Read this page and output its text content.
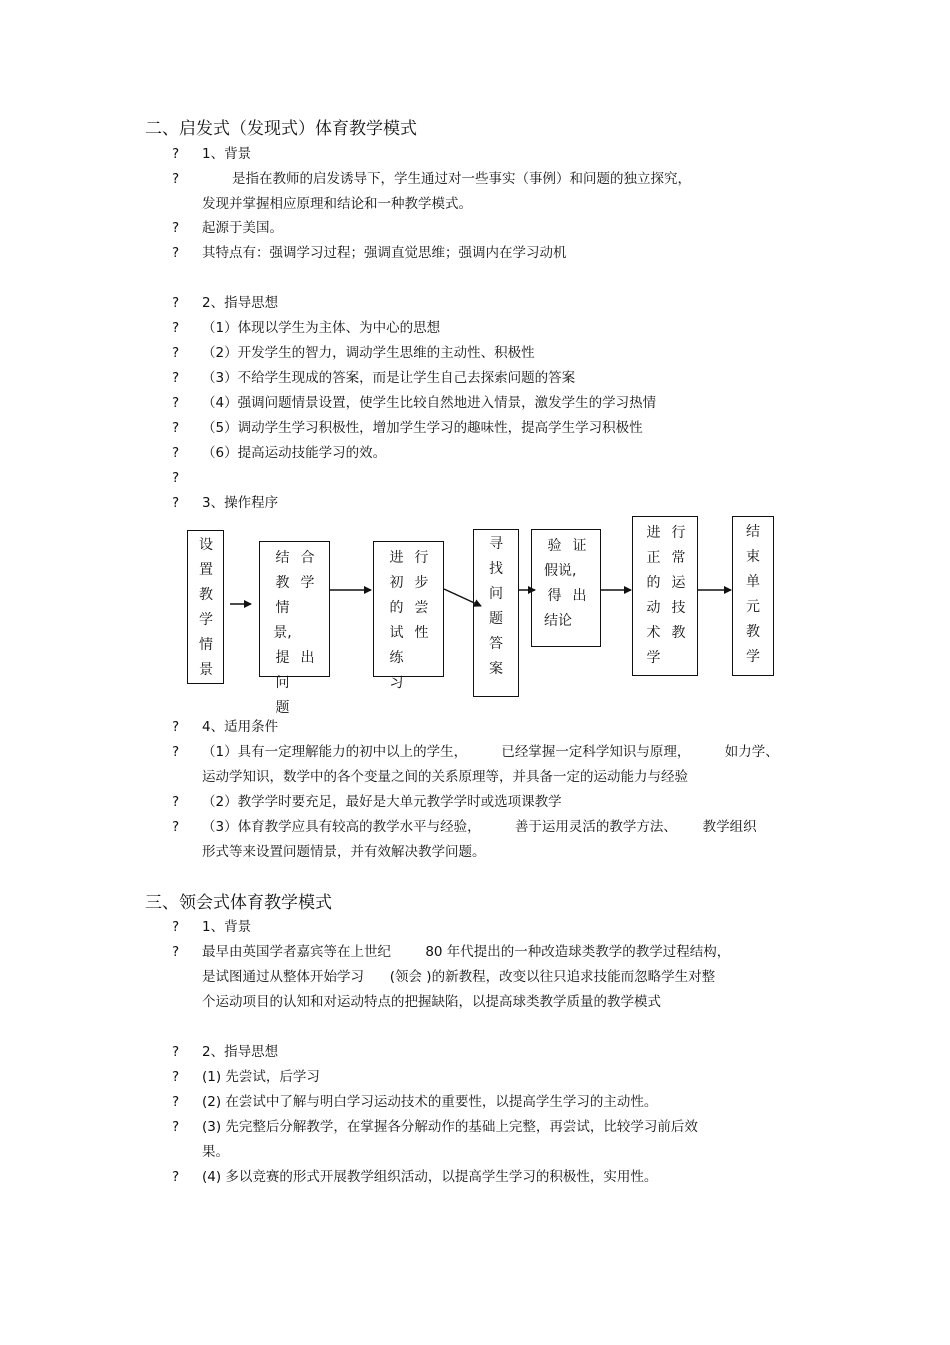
二、启发式（发现式）体育教学模式
?	1、背景
?	是指在教师的启发诱导下，学生通过对一些事实（事例）和问题的独立探究，
发现并掌握相应原理和结论和一种教学模式。
?	起源于美国。
?	其特点有：强调学习过程；强调直觉思维；强调内在学习动机
?	2、指导思想
?	（1）体现以学生为主体、为中心的思想
?	（2）开发学生的智力，调动学生思维的主动性、积极性
?	（3）不给学生现成的答案，而是让学生自己去探索问题的答案
?	（4）强调问题情景设置，使学生比较自然地进入情景，激发学生的学习热情
?	（5）调动学生学习积极性，增加学生学习的趣味性，提高学生学习积极性
?	（6）提高运动技能学习的效。
?
?	3、操作程序
设置教学情景
结 合
教 学
情景,
提 出
问题
进 行
初 步
的 尝
试 性
练习
寻找问题答案
验 证
假说,
得 出
结论
进 行
正 常
的 运
动 技
术 教
学
结束单元教学
?	4、适用条件
?	（1）具有一定理解能力的初中以上的学生，        已经掌握一定科学知识与原理，        如力学、
运动学知识，数学中的各个变量之间的关系原理等，并具备一定的运动能力与经验
?	（2）教学学时要充足，最好是大单元教学学时或选项课教学
?	（3）体育教学应具有较高的教学水平与经验，        善于运用灵活的教学方法、      教学组织
形式等来设置问题情景，并有效解决教学问题。
三、领会式体育教学模式
?	1、背景
?	最早由英国学者嘉宾等在上世纪        80 年代提出的一种改造球类教学的教学过程结构，
是试图通过从整体开始学习      (领会 )的新教程，改变以往只追求技能而忽略学生对整
个运动项目的认知和对运动特点的把握缺陷，以提高球类教学质量的教学模式
?	2、指导思想
?	(1) 先尝试，后学习
?	(2) 在尝试中了解与明白学习运动技术的重要性，以提高学生学习的主动性。
?	(3) 先完整后分解教学，在掌握各分解动作的基础上完整，再尝试，比较学习前后效
果。
?	(4) 多以竞赛的形式开展教学组织活动，以提高学生学习的积极性，实用性。
